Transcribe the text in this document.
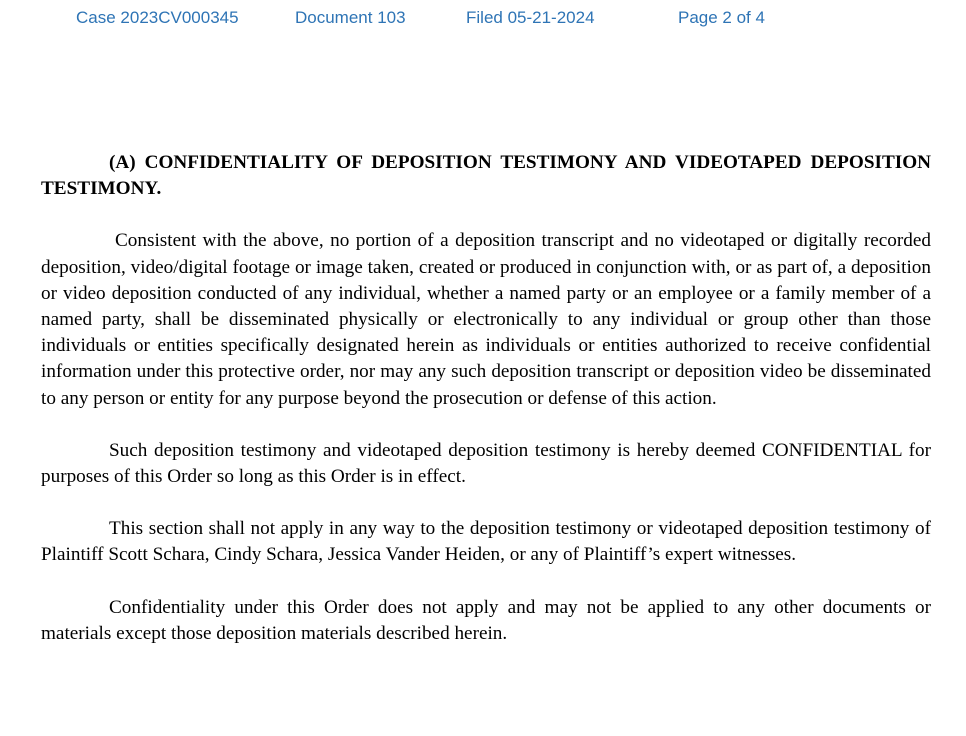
Case 2023CV000345	Document 103	Filed 05-21-2024	Page 2 of 4

(A) CONFIDENTIALITY OF DEPOSITION TESTIMONY AND VIDEOTAPED DEPOSITION TESTIMONY.

Consistent with the above, no portion of a deposition transcript and no videotaped or digitally recorded deposition, video/digital footage or image taken, created or produced in conjunction with, or as part of, a deposition or video deposition conducted of any individual, whether a named party or an employee or a family member of a named party, shall be disseminated physically or electronically to any individual or group other than those individuals or entities specifically designated herein as individuals or entities authorized to receive confidential information under this protective order, nor may any such deposition transcript or deposition video be disseminated to any person or entity for any purpose beyond the prosecution or defense of this action.

Such deposition testimony and videotaped deposition testimony is hereby deemed CONFIDENTIAL for purposes of this Order so long as this Order is in effect.

This section shall not apply in any way to the deposition testimony or videotaped deposition testimony of Plaintiff Scott Schara, Cindy Schara, Jessica Vander Heiden, or any of Plaintiff’s expert witnesses.

Confidentiality under this Order does not apply and may not be applied to any other documents or materials except those deposition materials described herein.
